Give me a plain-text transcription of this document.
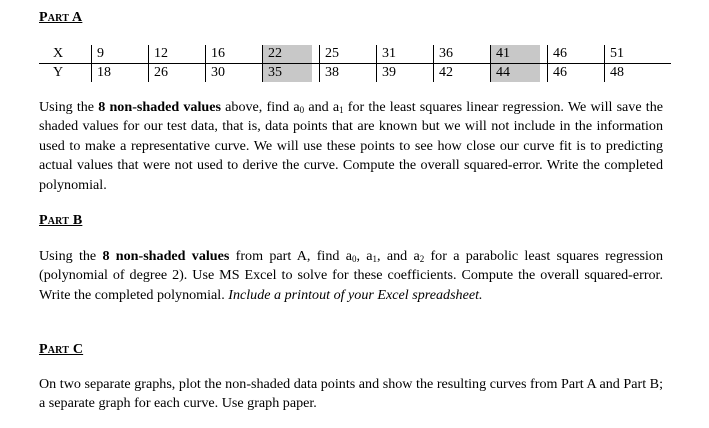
Part A
X	9	12	16	22	25	31	36	41	46	51
Y	18	26	30	35	38	39	42	44	46	48

Using the 8 non-shaded values above, find $a_0$ and $a_1$ for the least squares linear regression. We will save the shaded values for our test data, that is, data points that are known but we will not include in the information used to make a representative curve. We will use these points to see how close our curve fit is to predicting actual values that were not used to derive the curve. Compute the overall squared-error. Write the completed polynomial.

Part B

Using the 8 non-shaded values from part A, find $a_0$, $a_1$, and $a_2$ for a parabolic least squares regression (polynomial of degree 2). Use MS Excel to solve for these coefficients. Compute the overall squared-error. Write the completed polynomial. Include a printout of your Excel spreadsheet.

Part C

On two separate graphs, plot the non-shaded data points and show the resulting curves from Part A and Part B; a separate graph for each curve. Use graph paper.
